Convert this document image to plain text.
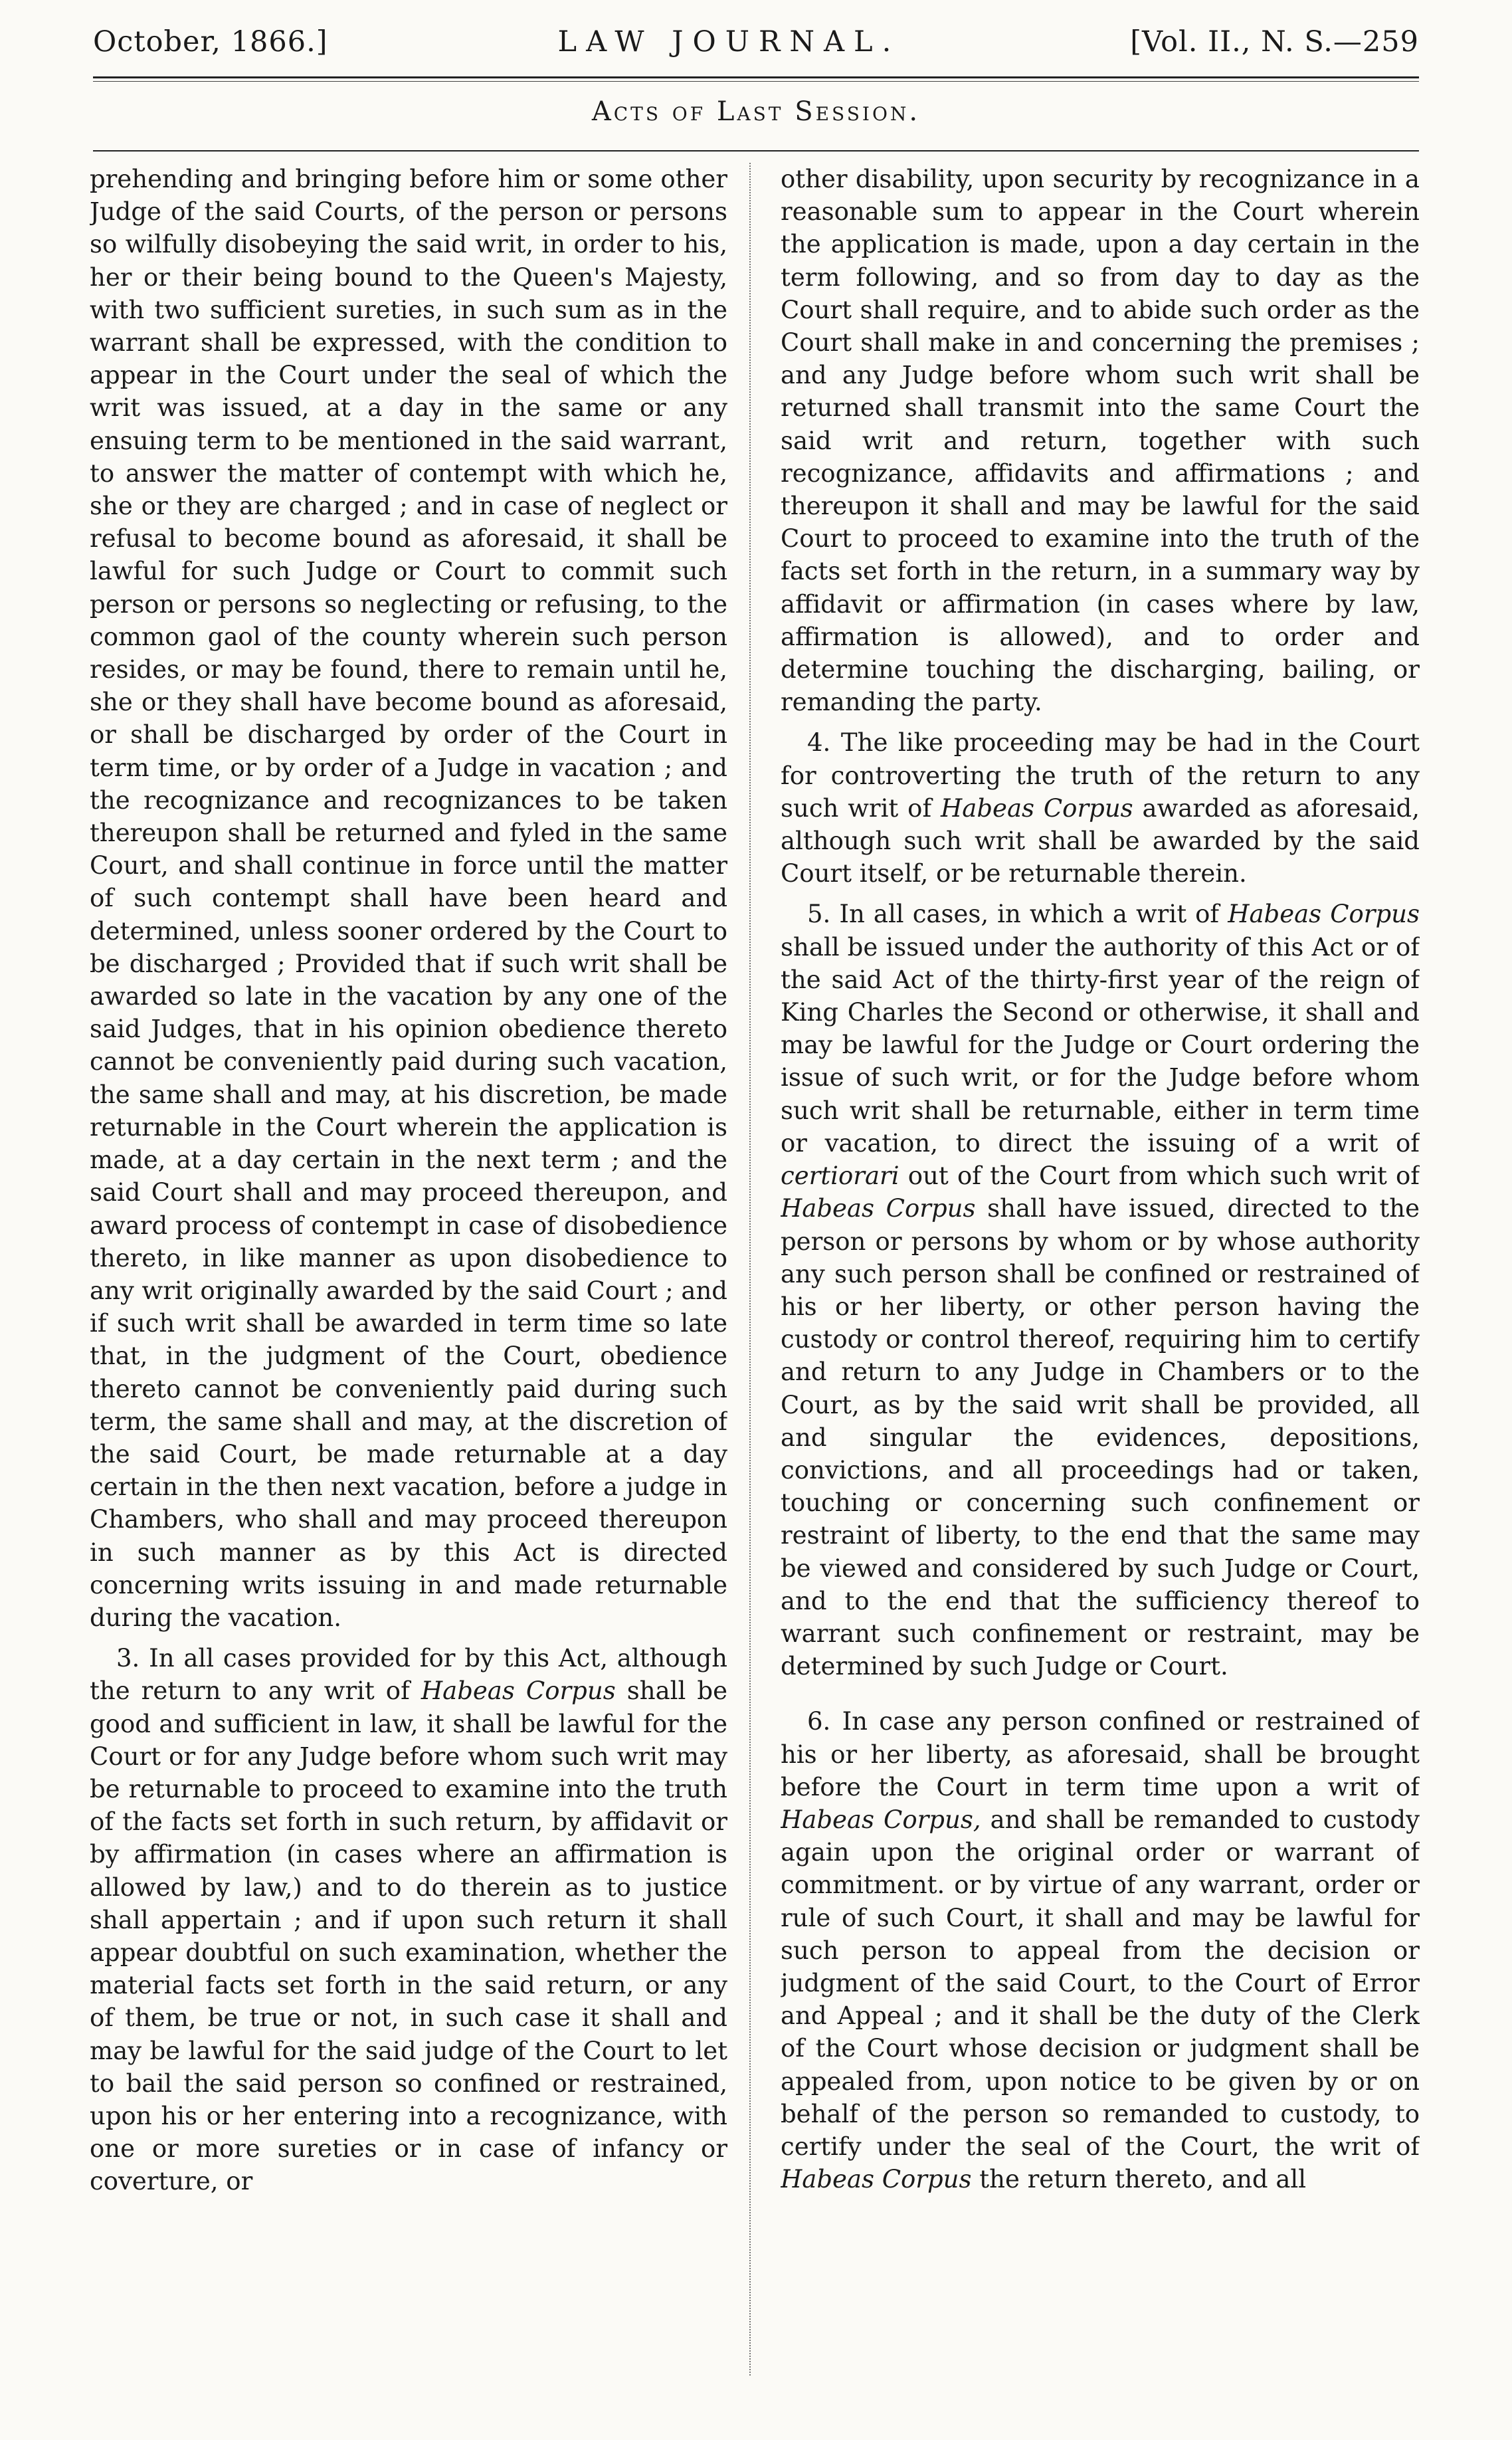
October, 1866.]	LAW JOURNAL.	[Vol. II., N. S.—259
Acts of Last Session.

prehending and bringing before him or some other Judge of the said Courts, of the person or persons so wilfully disobeying the said writ, in order to his, her or their being bound to the Queen's Majesty, with two sufficient sureties, in such sum as in the warrant shall be expressed, with the condition to appear in the Court under the seal of which the writ was issued, at a day in the same or any ensuing term to be mentioned in the said warrant, to answer the matter of contempt with which he, she or they are charged ; and in case of neglect or refusal to become bound as aforesaid, it shall be lawful for such Judge or Court to commit such person or persons so neglecting or refusing, to the common gaol of the county wherein such person resides, or may be found, there to remain until he, she or they shall have become bound as aforesaid, or shall be discharged by order of the Court in term time, or by order of a Judge in vacation ; and the recognizance and recognizances to be taken thereupon shall be returned and fyled in the same Court, and shall continue in force until the matter of such contempt shall have been heard and determined, unless sooner ordered by the Court to be discharged ; Provided that if such writ shall be awarded so late in the vacation by any one of the said Judges, that in his opinion obedience thereto cannot be conveniently paid during such vacation, the same shall and may, at his discretion, be made returnable in the Court wherein the application is made, at a day certain in the next term ; and the said Court shall and may proceed thereupon, and award process of contempt in case of disobedience thereto, in like manner as upon disobedience to any writ originally awarded by the said Court ; and if such writ shall be awarded in term time so late that, in the judgment of the Court, obedience thereto cannot be conveniently paid during such term, the same shall and may, at the discretion of the said Court, be made returnable at a day certain in the then next vacation, before a judge in Chambers, who shall and may proceed thereupon in such manner as by this Act is directed concerning writs issuing in and made returnable during the vacation.

3. In all cases provided for by this Act, although the return to any writ of Habeas Corpus shall be good and sufficient in law, it shall be lawful for the Court or for any Judge before whom such writ may be returnable to proceed to examine into the truth of the facts set forth in such return, by affidavit or by affirmation (in cases where an affirmation is allowed by law,) and to do therein as to justice shall appertain ; and if upon such return it shall appear doubtful on such examination, whether the material facts set forth in the said return, or any of them, be true or not, in such case it shall and may be lawful for the said judge of the Court to let to bail the said person so confined or restrained, upon his or her entering into a recognizance, with one or more sureties or in case of infancy or coverture, or

other disability, upon security by recognizance in a reasonable sum to appear in the Court wherein the application is made, upon a day certain in the term following, and so from day to day as the Court shall require, and to abide such order as the Court shall make in and concerning the premises ; and any Judge before whom such writ shall be returned shall transmit into the same Court the said writ and return, together with such recognizance, affidavits and affirmations ; and thereupon it shall and may be lawful for the said Court to proceed to examine into the truth of the facts set forth in the return, in a summary way by affidavit or affirmation (in cases where by law, affirmation is allowed), and to order and determine touching the discharging, bailing, or remanding the party.

4. The like proceeding may be had in the Court for controverting the truth of the return to any such writ of Habeas Corpus awarded as aforesaid, although such writ shall be awarded by the said Court itself, or be returnable therein.

5. In all cases, in which a writ of Habeas Corpus shall be issued under the authority of this Act or of the said Act of the thirty-first year of the reign of King Charles the Second or otherwise, it shall and may be lawful for the Judge or Court ordering the issue of such writ, or for the Judge before whom such writ shall be returnable, either in term time or vacation, to direct the issuing of a writ of certiorari out of the Court from which such writ of Habeas Corpus shall have issued, directed to the person or persons by whom or by whose authority any such person shall be confined or restrained of his or her liberty, or other person having the custody or control thereof, requiring him to certify and return to any Judge in Chambers or to the Court, as by the said writ shall be provided, all and singular the evidences, depositions, convictions, and all proceedings had or taken, touching or concerning such confinement or restraint of liberty, to the end that the same may be viewed and considered by such Judge or Court, and to the end that the sufficiency thereof to warrant such confinement or restraint, may be determined by such Judge or Court.

6. In case any person confined or restrained of his or her liberty, as aforesaid, shall be brought before the Court in term time upon a writ of Habeas Corpus, and shall be remanded to custody again upon the original order or warrant of commitment. or by virtue of any warrant, order or rule of such Court, it shall and may be lawful for such person to appeal from the decision or judgment of the said Court, to the Court of Error and Appeal ; and it shall be the duty of the Clerk of the Court whose decision or judgment shall be appealed from, upon notice to be given by or on behalf of the person so remanded to custody, to certify under the seal of the Court, the writ of Habeas Corpus the return thereto, and all
